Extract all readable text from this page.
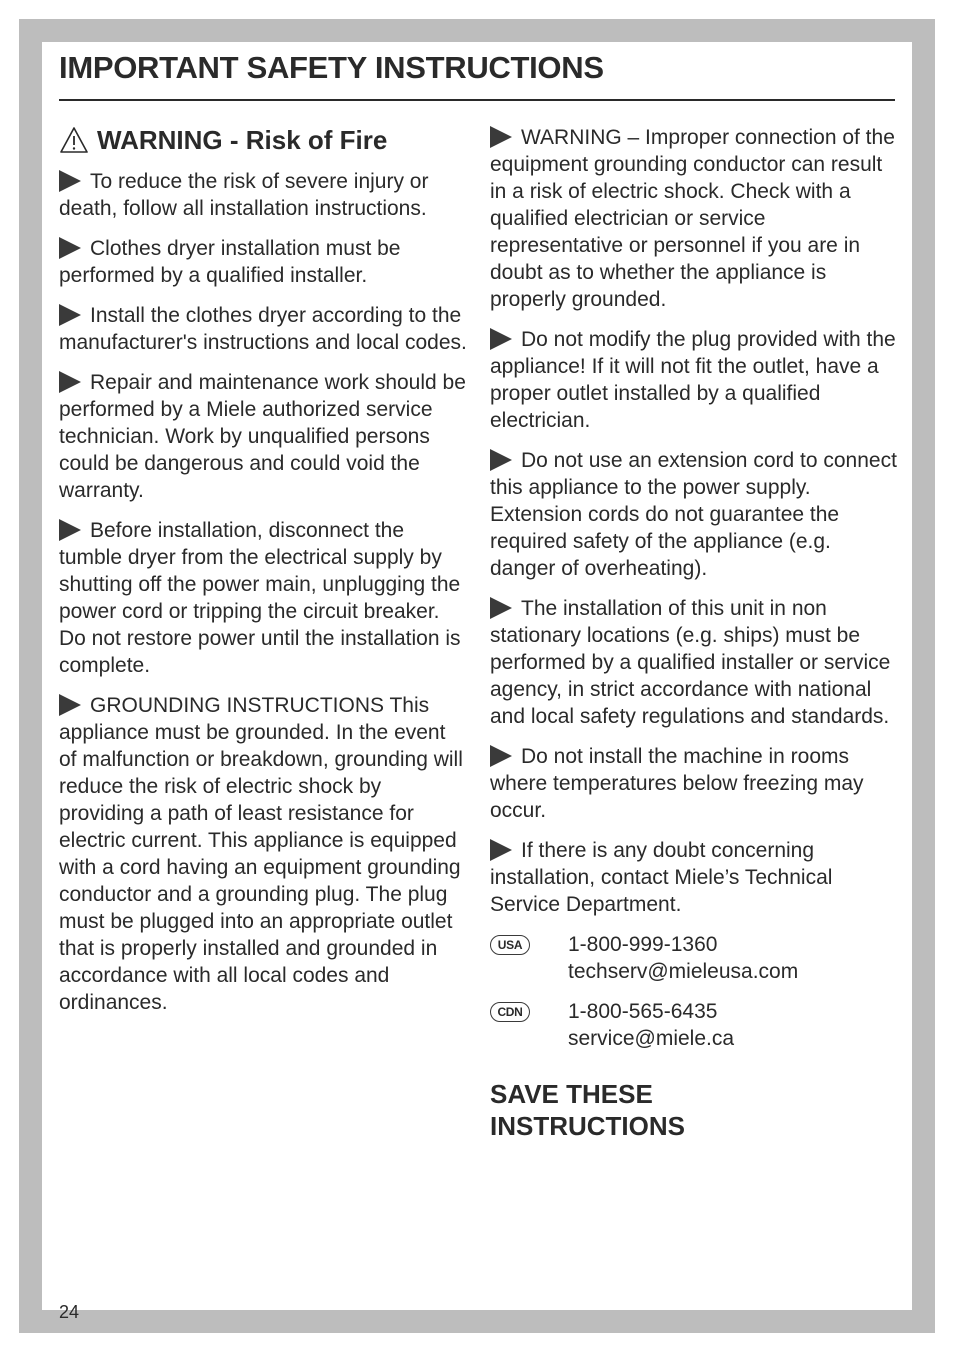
IMPORTANT SAFETY INSTRUCTIONS
WARNING - Risk of Fire

To reduce the risk of severe injury or death, follow all installation instructions.

Clothes dryer installation must be performed by a qualified installer.

Install the clothes dryer according to the manufacturer's instructions and local codes.

Repair and maintenance work should be performed by a Miele authorized service technician. Work by unqualified persons could be dangerous and could void the warranty.

Before installation, disconnect the tumble dryer from the electrical supply by shutting off the power main, unplugging the power cord or tripping the circuit breaker. Do not restore power until the installation is complete.

GROUNDING INSTRUCTIONS This appliance must be grounded. In the event of malfunction or breakdown, grounding will reduce the risk of electric shock by providing a path of least resistance for electric current. This appliance is equipped with a cord having an equipment grounding conductor and a grounding plug. The plug must be plugged into an appropriate outlet that is properly installed and grounded in accordance with all local codes and ordinances.

WARNING – Improper connection of the equipment grounding conductor can result in a risk of electric shock. Check with a qualified electrician or service representative or personnel if you are in doubt as to whether the appliance is properly grounded.

Do not modify the plug provided with the appliance! If it will not fit the outlet, have a proper outlet installed by a qualified electrician.

Do not use an extension cord to connect this appliance to the power supply. Extension cords do not guarantee the required safety of the appliance (e.g. danger of overheating).

The installation of this unit in non stationary locations (e.g. ships) must be performed by a qualified installer or service agency, in strict accordance with national and local safety regulations and standards.

Do not install the machine in rooms where temperatures below freezing may occur.

If there is any doubt concerning installation, contact Miele’s Technical Service Department.

USA	1-800-999-1360
techserv@mieleusa.com
CDN	1-800-565-6435
service@miele.ca
SAVE THESE INSTRUCTIONS
24
